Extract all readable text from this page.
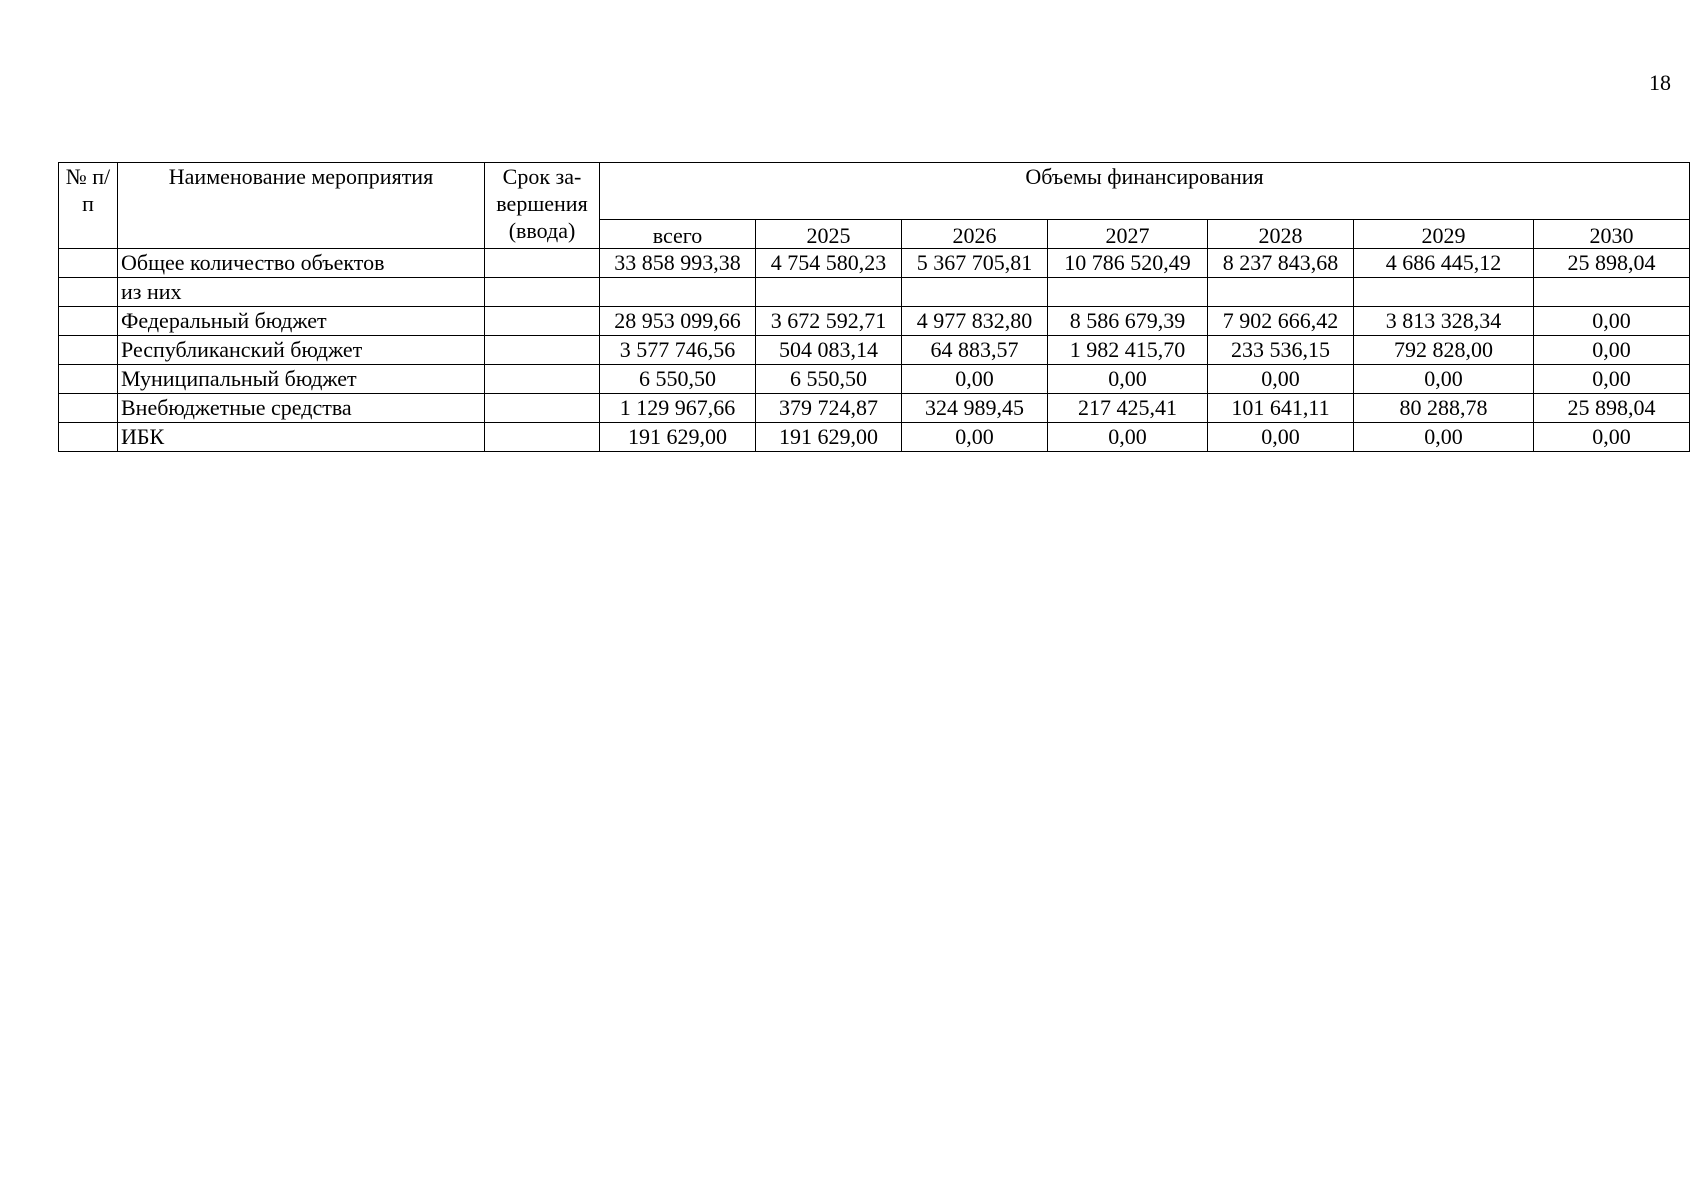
18
№ п/п	Наименование мероприятия	Срок за- вершения (ввода)	Объемы финансирования						
			всего	2025	2026	2027	2028	2029	2030
	Общее количество объектов		33 858 993,38	4 754 580,23	5 367 705,81	10 786 520,49	8 237 843,68	4 686 445,12	25 898,04
	из них								
	Федеральный бюджет		28 953 099,66	3 672 592,71	4 977 832,80	8 586 679,39	7 902 666,42	3 813 328,34	0,00
	Республиканский бюджет		3 577 746,56	504 083,14	64 883,57	1 982 415,70	233 536,15	792 828,00	0,00
	Муниципальный бюджет		6 550,50	6 550,50	0,00	0,00	0,00	0,00	0,00
	Внебюджетные средства		1 129 967,66	379 724,87	324 989,45	217 425,41	101 641,11	80 288,78	25 898,04
	ИБК		191 629,00	191 629,00	0,00	0,00	0,00	0,00	0,00
